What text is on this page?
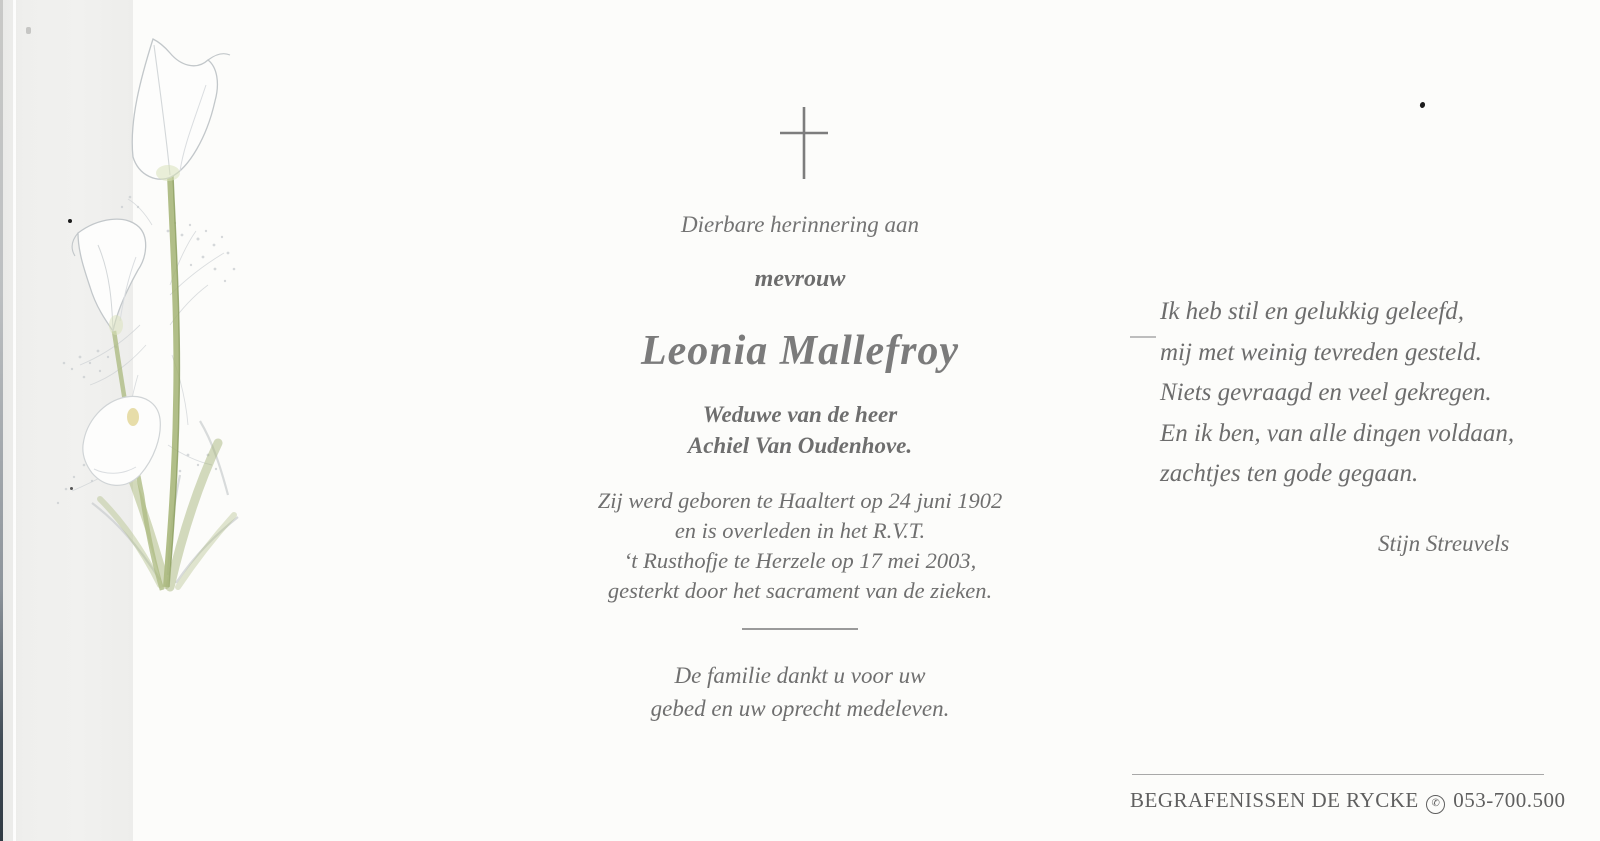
Dierbare herinnering aan
mevrouw
Leonia Mallefroy
Weduwe van de heer
Achiel Van Oudenhove.
Zij werd geboren te Haaltert op 24 juni 1902
en is overleden in het R.V.T.
‘t Rusthofje te Herzele op 17 mei 2003,
gesterkt door het sacrament van de zieken.
De familie dankt u voor uw
gebed en uw oprecht medeleven.
Ik heb stil en gelukkig geleefd,
mij met weinig tevreden gesteld.
Niets gevraagd en veel gekregen.
En ik ben, van alle dingen voldaan,
zachtjes ten gode gegaan.
Stijn Streuvels
BEGRAFENISSEN DE RYCKE ✆ 053-700.500
